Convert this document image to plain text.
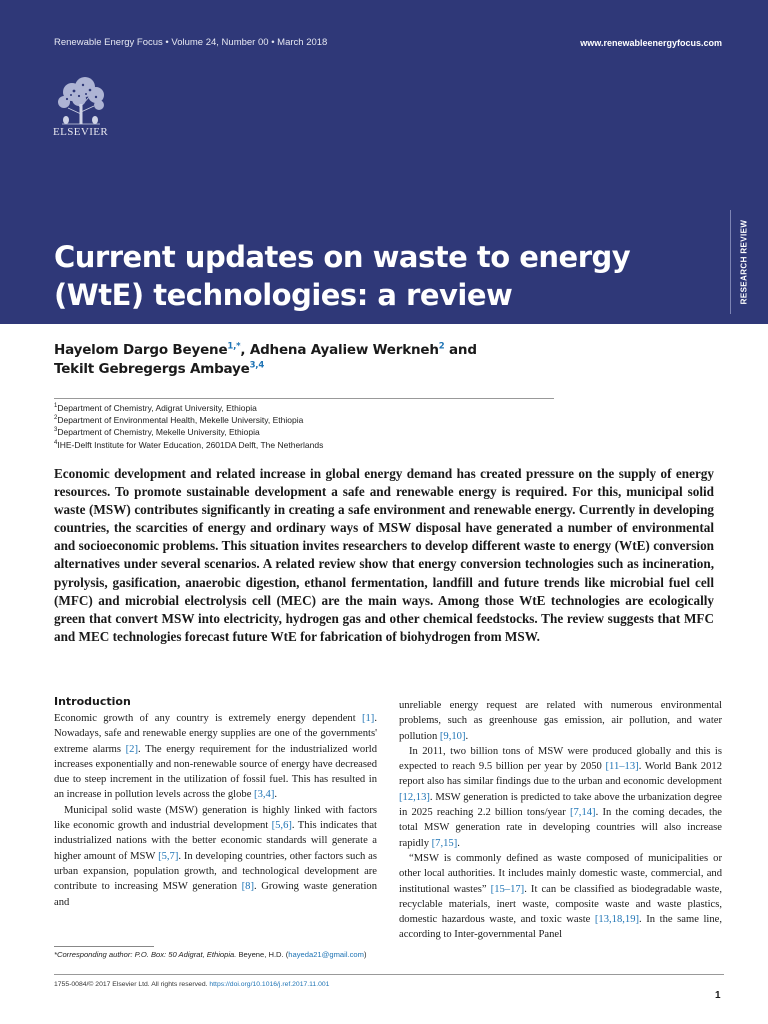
Renewable Energy Focus • Volume 24, Number 00 • March 2018	www.renewableenergyfocus.com
ELSEVIER
RESEARCH REVIEW
Current updates on waste to energy (WtE) technologies: a review
Hayelom Dargo Beyene$^{1,*}$, Adhena Ayaliew Werkneh$^2$ and
Tekilt Gebregergs Ambaye$^{3,4}$
$^1$Department of Chemistry, Adigrat University, Ethiopia
$^2$Department of Environmental Health, Mekelle University, Ethiopia
$^3$Department of Chemistry, Mekelle University, Ethiopia
$^4$IHE-Delft Institute for Water Education, 2601DA Delft, The Netherlands

Economic development and related increase in global energy demand has created pressure on the supply of energy resources. To promote sustainable development a safe and renewable energy is required. For this, municipal solid waste (MSW) contributes significantly in creating a safe environment and renewable energy. Currently in developing countries, the scarcities of energy and ordinary ways of MSW disposal have generated a number of environmental and socioeconomic problems. This situation invites researchers to develop different waste to energy (WtE) conversion alternatives under several scenarios. A related review show that energy conversion technologies such as incineration, pyrolysis, gasification, anaerobic digestion, ethanol fermentation, landfill and future trends like microbial fuel cell (MFC) and microbial electrolysis cell (MEC) are the main ways. Among those WtE technologies are ecologically green that convert MSW into electricity, hydrogen gas and other chemical feedstocks. The review suggests that MFC and MEC technologies forecast future WtE for fabrication of biohydrogen from MSW.

Introduction

Economic growth of any country is extremely energy dependent [1]. Nowadays, safe and renewable energy supplies are one of the governments' extreme alarms [2]. The energy requirement for the industrialized world increases exponentially and non-renewable source of energy have decreased due to steep increment in the utilization of fossil fuel. This has resulted in an increase in pollution levels across the globe [3,4].

Municipal solid waste (MSW) generation is highly linked with factors like economic growth and industrial development [5,6]. This indicates that industrialized nations with the better economic standards will generate a higher amount of MSW [5,7]. In developing countries, other factors such as urban expansion, population growth, and technological development are contribute to increasing MSW generation [8]. Growing waste generation and

unreliable energy request are related with numerous environmental problems, such as greenhouse gas emission, air pollution, and water pollution [9,10].

In 2011, two billion tons of MSW were produced globally and this is expected to reach 9.5 billion per year by 2050 [11–13]. World Bank 2012 report also has similar findings due to the urban and economic development [12,13]. MSW generation is predicted to take above the urbanization degree in 2025 reaching 2.2 billion tons/year [7,14]. In the coming decades, the total MSW generation rate in developing countries will also increase rapidly [7,15].

“MSW is commonly defined as waste composed of municipalities or other local authorities. It includes mainly domestic waste, commercial, and institutional wastes” [15–17]. It can be classified as biodegradable waste, recyclable materials, inert waste, composite waste and waste plastics, domestic hazardous waste, and toxic waste [13,18,19]. In the same line, according to Inter-governmental Panel

*Corresponding author: P.O. Box: 50 Adigrat, Ethiopia. Beyene, H.D. (hayeda21@gmail.com)
1755-0084/© 2017 Elsevier Ltd. All rights reserved. https://doi.org/10.1016/j.ref.2017.11.001
1
